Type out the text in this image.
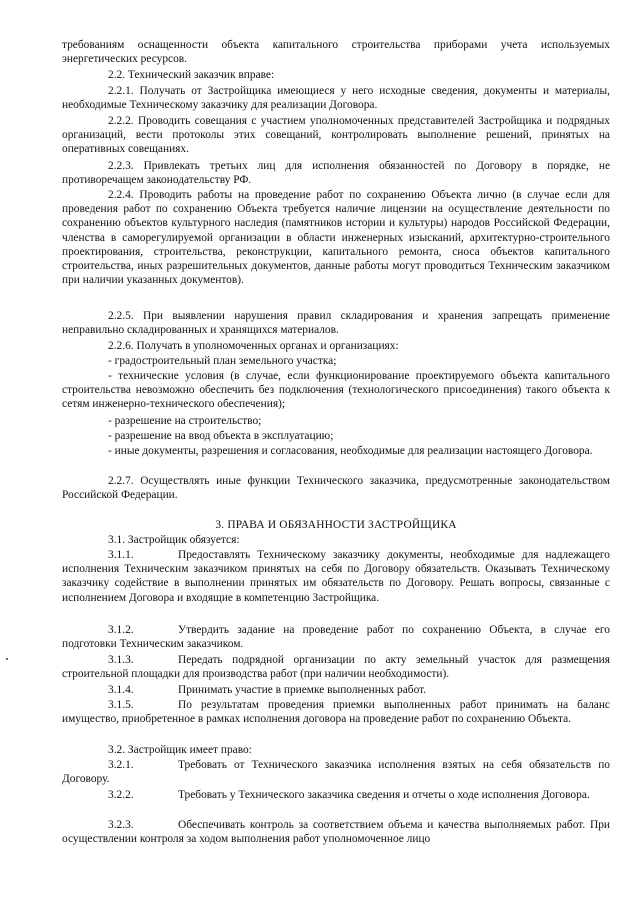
требованиям оснащенности объекта капитального строительства приборами учета используемых энергетических ресурсов.

2.2. Технический заказчик вправе:

2.2.1. Получать от Застройщика имеющиеся у него исходные сведения, документы и материалы, необходимые Техническому заказчику для реализации Договора.

2.2.2. Проводить совещания с участием уполномоченных представителей Застройщика и подрядных организаций, вести протоколы этих совещаний, контролировать выполнение решений, принятых на оперативных совещаниях.

2.2.3. Привлекать третьих лиц для исполнения обязанностей по Договору в порядке, не противоречащем законодательству РФ.

2.2.4. Проводить работы на проведение работ по сохранению Объекта лично (в случае если для проведения работ по сохранению Объекта требуется наличие лицензии на осуществление деятельности по сохранению объектов культурного наследия (памятников истории и культуры) народов Российской Федерации, членства в саморегулируемой организации в области инженерных изысканий, архитектурно-строительного проектирования, строительства, реконструкции, капитального ремонта, сноса объектов капитального строительства, иных разрешительных документов, данные работы могут проводиться Техническим заказчиком при наличии указанных документов).

2.2.5. При выявлении нарушения правил складирования и хранения запрещать применение неправильно складированных и хранящихся материалов.

2.2.6. Получать в уполномоченных органах и организациях:

- градостроительный план земельного участка;

- технические условия (в случае, если функционирование проектируемого объекта капитального строительства невозможно обеспечить без подключения (технологического присоединения) такого объекта к сетям инженерно-технического обеспечения);

- разрешение на строительство;

- разрешение на ввод объекта в эксплуатацию;

- иные документы, разрешения и согласования, необходимые для реализации настоящего Договора.

2.2.7. Осуществлять иные функции Технического заказчика, предусмотренные законодательством Российской Федерации.

3. ПРАВА И ОБЯЗАННОСТИ ЗАСТРОЙЩИКА

3.1. Застройщик обязуется:

3.1.1.	Предоставлять Техническому заказчику документы, необходимые для надлежащего исполнения Техническим заказчиком принятых на себя по Договору обязательств. Оказывать Техническому заказчику содействие в выполнении принятых им обязательств по Договору. Решать вопросы, связанные с исполнением Договора и входящие в компетенцию Застройщика.

3.1.2.	Утвердить задание на проведение работ по сохранению Объекта, в случае его подготовки Техническим заказчиком.

3.1.3.	Передать подрядной организации по акту земельный участок для размещения строительной площадки для производства работ (при наличии необходимости).

3.1.4.	Принимать участие в приемке выполненных работ.

3.1.5.	По результатам проведения приемки выполненных работ принимать на баланс имущество, приобретенное в рамках исполнения договора на проведение работ по сохранению Объекта.

3.2. Застройщик имеет право:

3.2.1.	Требовать от Технического заказчика исполнения взятых на себя обязательств по Договору.

3.2.2.	Требовать у Технического заказчика сведения и отчеты о ходе исполнения Договора.

3.2.3.	Обеспечивать контроль за соответствием объема и качества выполняемых работ. При осуществлении контроля за ходом выполнения работ уполномоченное лицо
